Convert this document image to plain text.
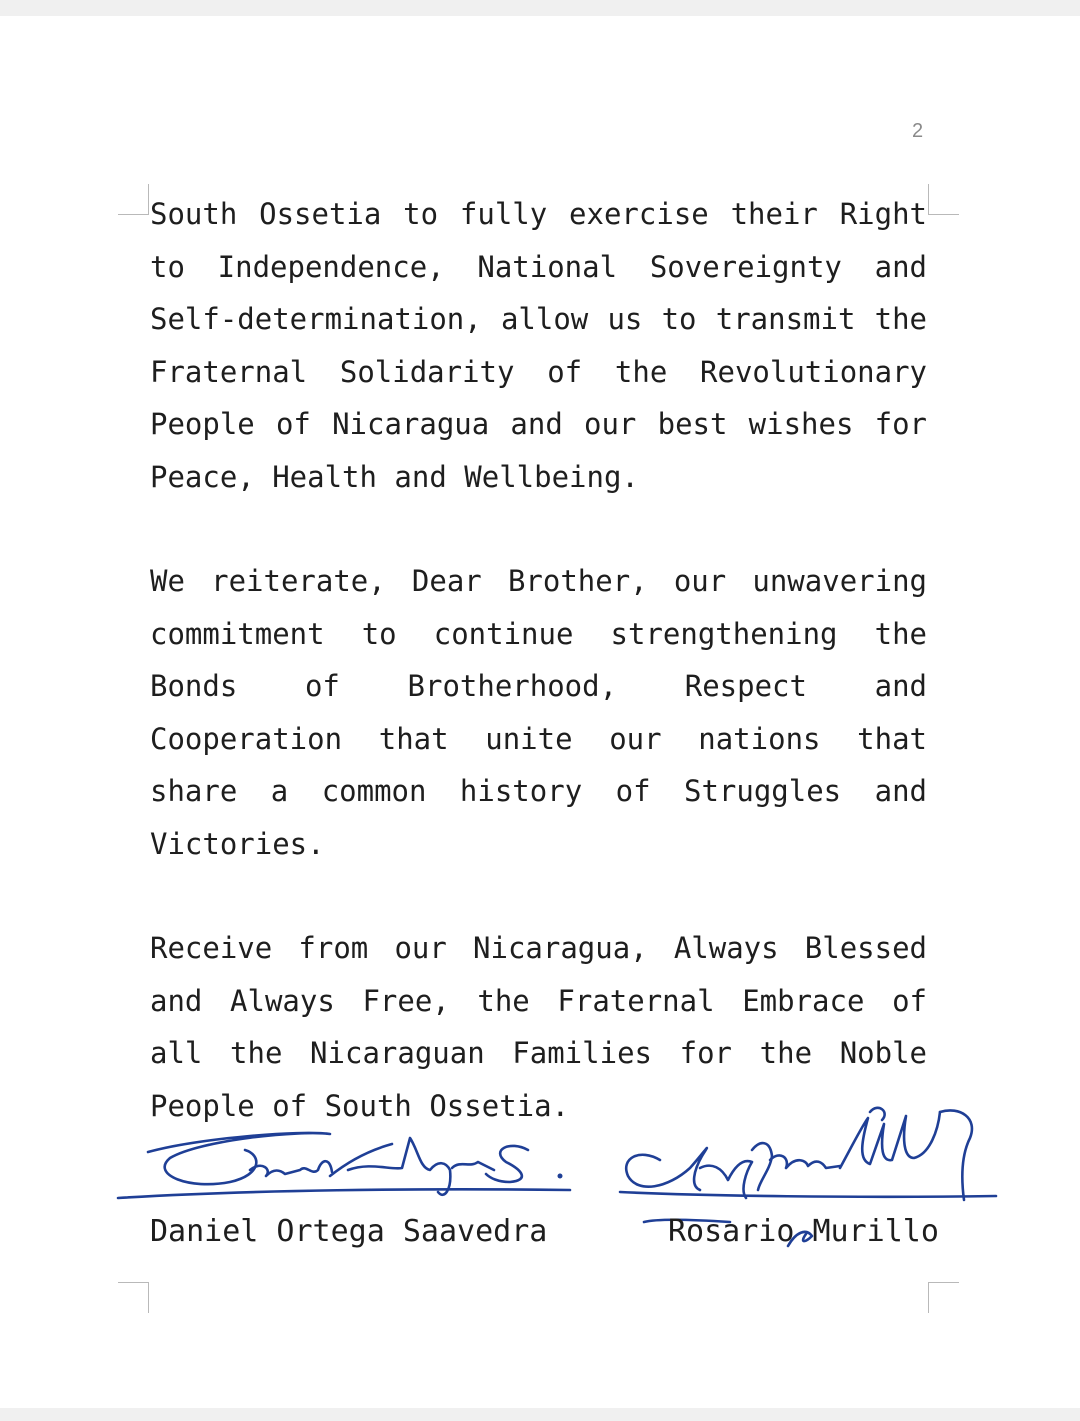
2

South Ossetia to fully exercise their Right to Independence, National Sovereignty and Self-determination, allow us to transmit the Fraternal Solidarity of the Revolutionary People of Nicaragua and our best wishes for Peace, Health and Wellbeing.

We reiterate, Dear Brother, our unwavering commitment to continue strengthening the Bonds of Brotherhood, Respect and Cooperation that unite our nations that share a common history of Struggles and Victories.

Receive from our Nicaragua, Always Blessed and Always Free, the Fraternal Embrace of all the Nicaraguan Families for the Noble People of South Ossetia.

Daniel Ortega Saavedra	Rosario Murillo
